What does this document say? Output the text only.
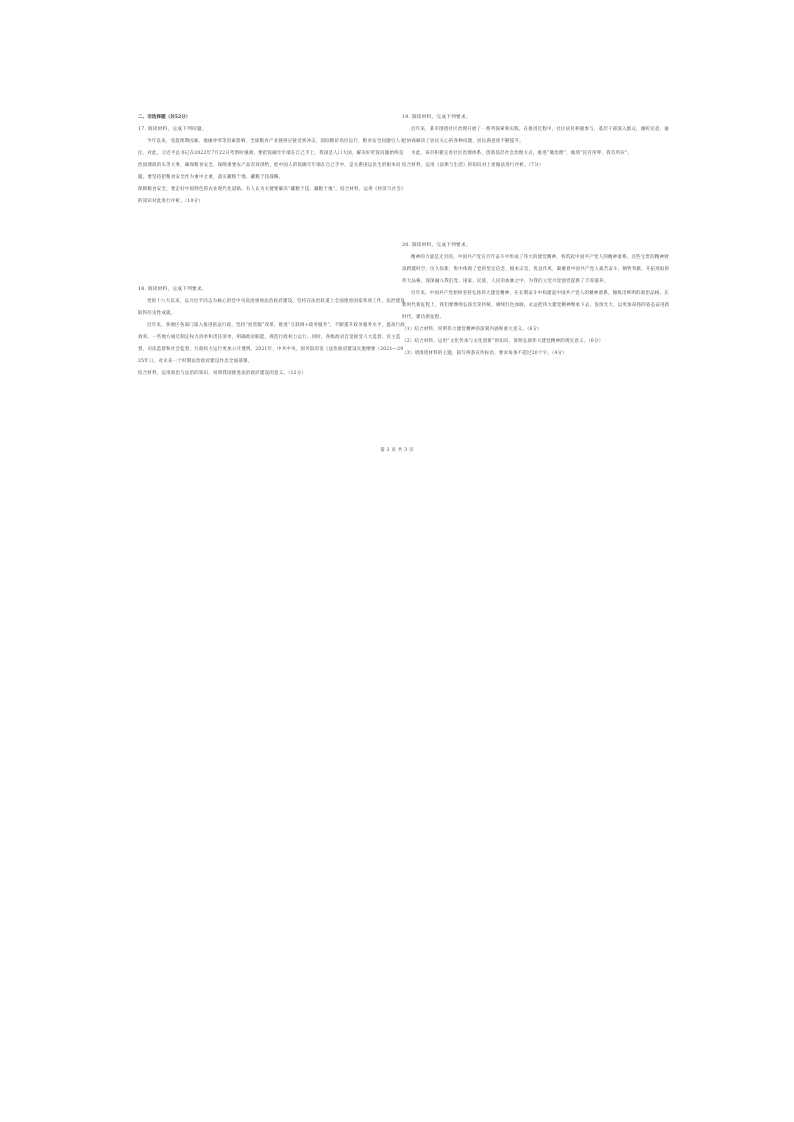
二、非选择题（共52分）
17. 阅读材料，完成下列问题。
今年以来，受超预期因素、地缘冲突等因素影响，全球粮食产业链供应链受到冲击，国际粮价高位运行，粮食安全问题引人关注。对此，习近平总书记在2022年7月22日考察时强调，要把饭碗牢牢端在自己手上。我国是人口大国，解决好吃饭问题始终是治国理政的头等大事，确保粮食安全、保障重要农产品有效供给，把中国人的饭碗牢牢端在自己手中，是关系国运民生的根本问题。要坚持把粮食安全作为重中之重，落实藏粮于地、藏粮于技战略。
保障粮食安全，要走好中国特色的农业现代化道路。有人认为关键要解决“藏粮于技、藏粮于地”。结合材料，运用《经济与社会》的知识对此进行评析。（10分）
18. 阅读材料，完成下列要求。
党的十八大以来，以习近平同志为核心的党中央高度重视法治政府建设，坚持在法治轨道上全面推进国家各项工作，法治建设取得历史性成就。
近年来，各地区各部门深入推进依法行政，坚持“放管服”改革，推进“互联网+政务服务”，不断提升政务服务水平，提高行政效率。一些地方通过制定权力清单和责任清单，明确政府职能，规范行政权力运行。同时，各级政府自觉接受人大监督、民主监督、司法监督和社会监督，行政权力运行更加公开透明。2021年，中共中央、国务院印发《法治政府建设实施纲要（2021—2025年）》，对未来一个时期法治政府建设作出全面部署。
结合材料，运用政治与法治的知识，说明我国推进法治政府建设的意义。（12分）
19. 阅读材料，完成下列要求。
近年来，某市围绕社区治理开展了一系列探索和实践。在推进过程中，社区居民积极参与，基层干部深入群众，倾听民意，通过协商解决了居民关心的各种问题，居民满意度不断提升。
为此，该市积极完善社区治理体系，创新基层社会治理方式，推进“微治理”，做到“民有所呼、我有所应”。
结合材料，运用《法律与生活》的知识对上述做法进行评析。（7分）
20. 阅读材料，完成下列要求。
精神的力量是无穷的，中国共产党在百年奋斗中形成了伟大的建党精神，构筑起中国共产党人的精神谱系。这些宝贵的精神财富跨越时空、历久弥新，集中体现了党的坚定信念、根本宗旨、优良作风，凝聚着中国共产党人艰苦奋斗、牺牲奉献、开拓进取的伟大品格，深深融入我们党、国家、民族、人民的血脉之中，为我们立党兴党强党提供了丰厚滋养。
百年来，中国共产党始终坚持弘扬伟大建党精神，在长期奋斗中构建起中国共产党人的精神谱系，锤炼出鲜明的政治品格。在新时代新征程上，我们要继续弘扬光荣传统、赓续红色血脉，永远把伟大建党精神继承下去、发扬光大，以更加昂扬的姿态奋进新时代、建功新征程。
（1）结合材料，说明伟大建党精神的深刻内涵和重大意义。（6分）
（2）结合材料，运用“文化传承与文化创新”的知识，说明弘扬伟大建党精神的现实意义。（6分）
（3）请围绕材料的主题，拟写两条宣传标语，要求每条不超过20个字。（4分）
第 3 页 共 3 页
